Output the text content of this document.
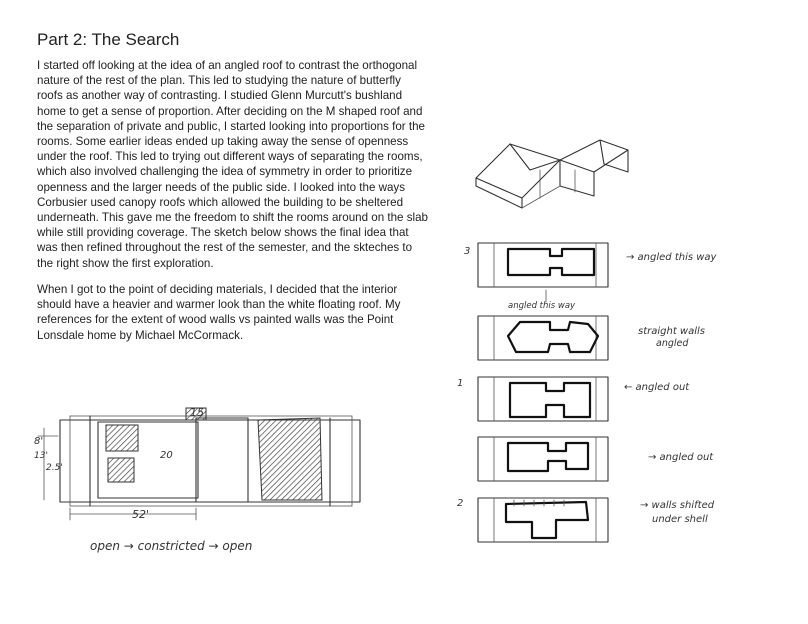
Part 2: The Search

I started off looking at the idea of an angled roof to contrast the orthogonal nature of the rest of the plan. This led to studying the nature of butterfly roofs as another way of contrasting. I studied Glenn Murcutt's bushland home to get a sense of proportion. After deciding on the M shaped roof and the separation of private and public, I started looking into proportions for the rooms. Some earlier ideas ended up taking away the sense of openness under the roof. This led to trying out different ways of separating the rooms, which also involved challenging the idea of symmetry in order to prioritize openness and the larger needs of the public side. I looked into the ways Corbusier used canopy roofs which allowed the building to be sheltered underneath. This gave me the freedom to shift the rooms around on the slab while still providing coverage. The sketch below shows the final idea that was then refined throughout the rest of the semester, and the skteches to the right show the first exploration.

When I got to the point of deciding materials, I decided that the interior should have a heavier and warmer look than the white floating roof. My references for the extent of wood walls vs painted walls was the Point Lonsdale home by Michael McCormack.

15
8'
13'
2.5'
20
52'
open → constricted → open
3
→ angled this way
angled this way
straight walls
angled
1	← angled out
→ angled out
2	→ walls shifted
under shell
